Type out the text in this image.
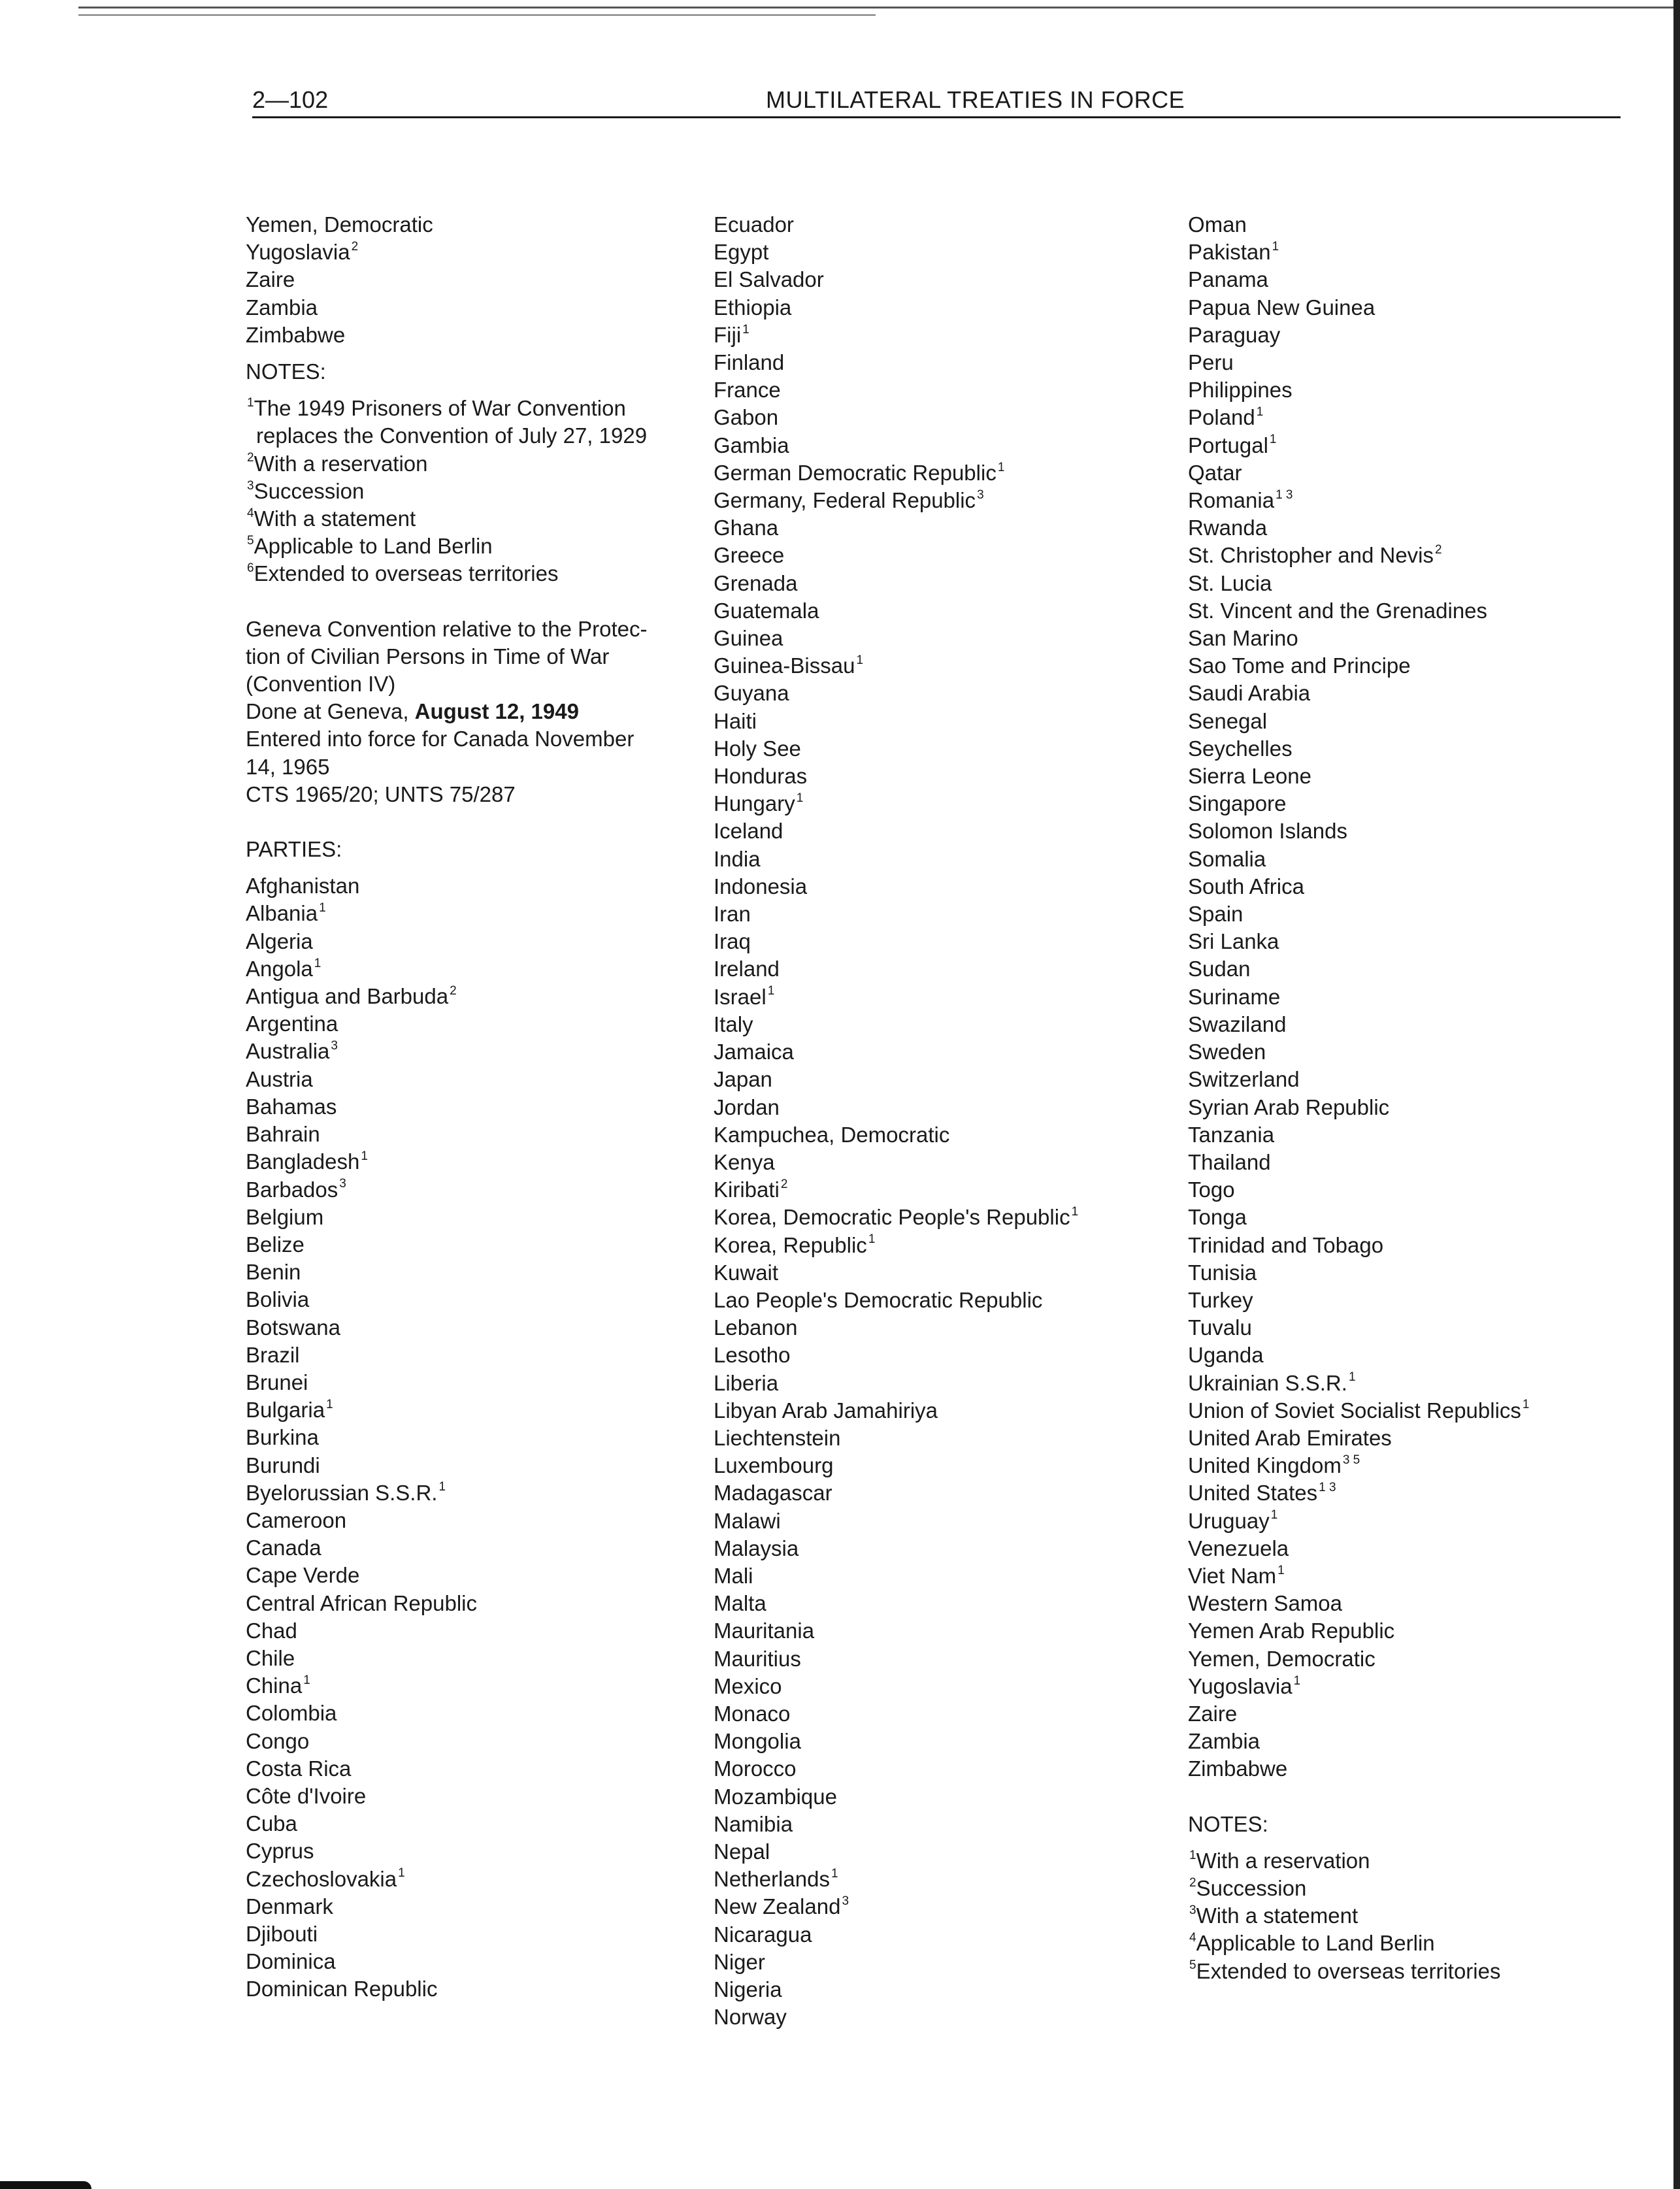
2—102	MULTILATERAL TREATIES IN FORCE
Yemen, Democratic
Yugoslavia $^2$
Zaire
Zambia
Zimbabwe
NOTES:
$^1$The 1949 Prisoners of War Convention
replaces the Convention of July 27, 1929
$^2$With a reservation
$^3$Succession
$^4$With a statement
$^5$Applicable to Land Berlin
$^6$Extended to overseas territories
Geneva Convention relative to the Protec-
tion of Civilian Persons in Time of War
(Convention IV)
Done at Geneva, August 12, 1949
Entered into force for Canada November
14, 1965
CTS 1965/20; UNTS 75/287
PARTIES:
Afghanistan
Albania $^1$
Algeria
Angola $^1$
Antigua and Barbuda $^2$
Argentina
Australia $^3$
Austria
Bahamas
Bahrain
Bangladesh $^1$
Barbados $^3$
Belgium
Belize
Benin
Bolivia
Botswana
Brazil
Brunei
Bulgaria $^1$
Burkina
Burundi
Byelorussian S.S.R. $^1$
Cameroon
Canada
Cape Verde
Central African Republic
Chad
Chile
China $^1$
Colombia
Congo
Costa Rica
Côte d'Ivoire
Cuba
Cyprus
Czechoslovakia $^1$
Denmark
Djibouti
Dominica
Dominican Republic
Ecuador
Egypt
El Salvador
Ethiopia
Fiji $^1$
Finland
France
Gabon
Gambia
German Democratic Republic $^1$
Germany, Federal Republic $^3$
Ghana
Greece
Grenada
Guatemala
Guinea
Guinea-Bissau $^1$
Guyana
Haiti
Holy See
Honduras
Hungary $^1$
Iceland
India
Indonesia
Iran
Iraq
Ireland
Israel $^1$
Italy
Jamaica
Japan
Jordan
Kampuchea, Democratic
Kenya
Kiribati $^2$
Korea, Democratic People's Republic $^1$
Korea, Republic $^1$
Kuwait
Lao People's Democratic Republic
Lebanon
Lesotho
Liberia
Libyan Arab Jamahiriya
Liechtenstein
Luxembourg
Madagascar
Malawi
Malaysia
Mali
Malta
Mauritania
Mauritius
Mexico
Monaco
Mongolia
Morocco
Mozambique
Namibia
Nepal
Netherlands $^1$
New Zealand $^3$
Nicaragua
Niger
Nigeria
Norway
Oman
Pakistan $^1$
Panama
Papua New Guinea
Paraguay
Peru
Philippines
Poland $^1$
Portugal $^1$
Qatar
Romania $^{1 3}$
Rwanda
St. Christopher and Nevis $^2$
St. Lucia
St. Vincent and the Grenadines
San Marino
Sao Tome and Principe
Saudi Arabia
Senegal
Seychelles
Sierra Leone
Singapore
Solomon Islands
Somalia
South Africa
Spain
Sri Lanka
Sudan
Suriname
Swaziland
Sweden
Switzerland
Syrian Arab Republic
Tanzania
Thailand
Togo
Tonga
Trinidad and Tobago
Tunisia
Turkey
Tuvalu
Uganda
Ukrainian S.S.R. $^1$
Union of Soviet Socialist Republics $^1$
United Arab Emirates
United Kingdom $^{3 5}$
United States $^{1 3}$
Uruguay $^1$
Venezuela
Viet Nam $^1$
Western Samoa
Yemen Arab Republic
Yemen, Democratic
Yugoslavia $^1$
Zaire
Zambia
Zimbabwe
NOTES:
$^1$With a reservation
$^2$Succession
$^3$With a statement
$^4$Applicable to Land Berlin
$^5$Extended to overseas territories
